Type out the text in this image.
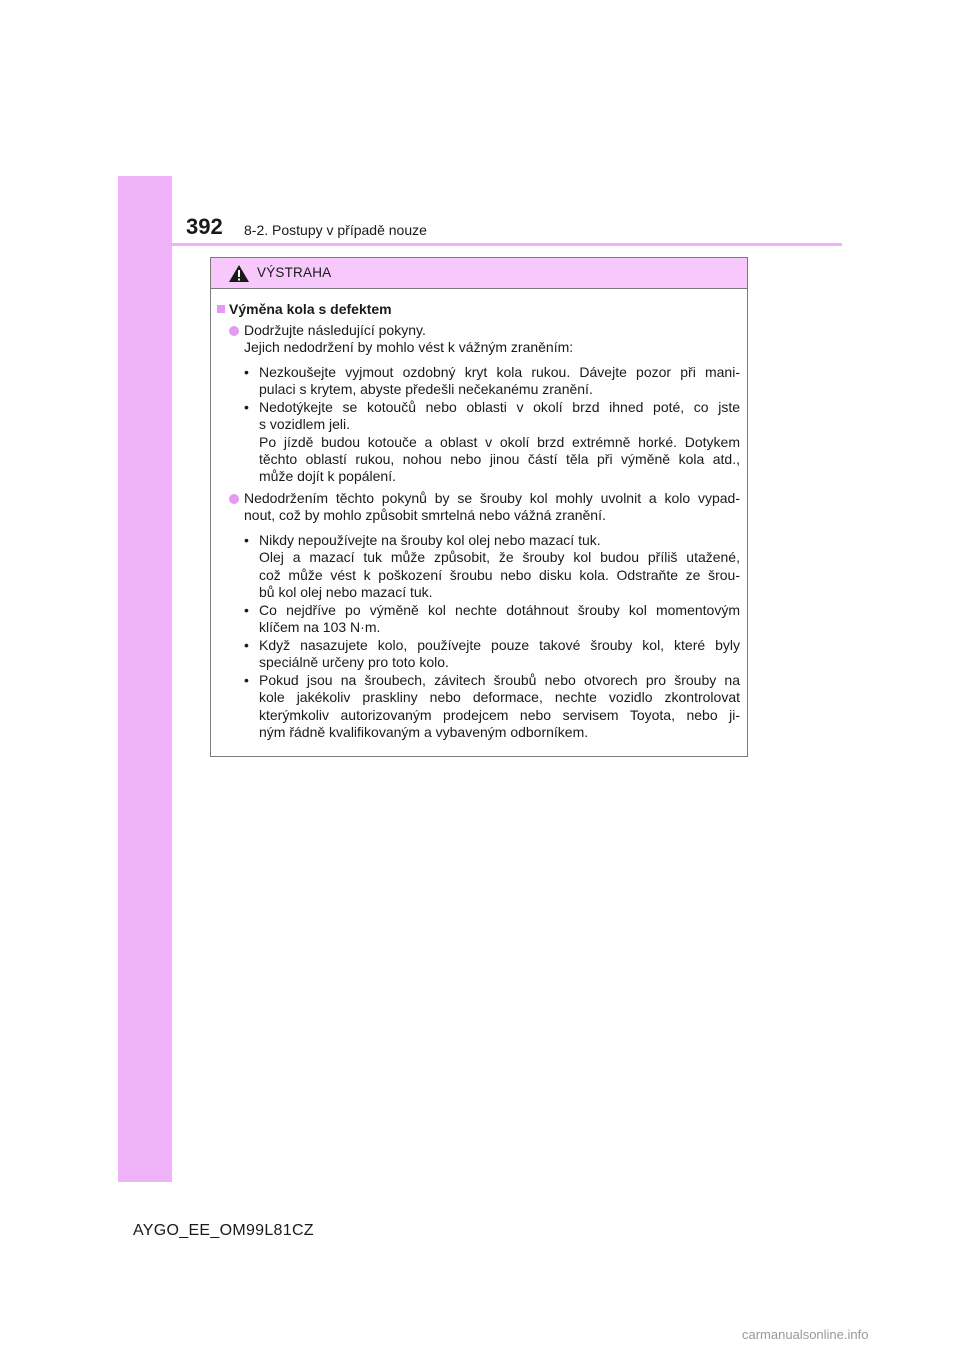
392 8-2. Postupy v případě nouze
VÝSTRAHA
Výměna kola s defektem
Dodržujte následující pokyny.
Jejich nedodržení by mohlo vést k vážným zraněním:
• Nezkoušejte vyjmout ozdobný kryt kola rukou. Dávejte pozor při mani-
pulaci s krytem, abyste předešli nečekanému zranění.
• Nedotýkejte se kotoučů nebo oblasti v okolí brzd ihned poté, co jste
s vozidlem jeli.
Po jízdě budou kotouče a oblast v okolí brzd extrémně horké. Dotykem
těchto oblastí rukou, nohou nebo jinou částí těla při výměně kola atd.,
může dojít k popálení.
Nedodržením těchto pokynů by se šrouby kol mohly uvolnit a kolo vypad-
nout, což by mohlo způsobit smrtelná nebo vážná zranění.
• Nikdy nepoužívejte na šrouby kol olej nebo mazací tuk.
Olej a mazací tuk může způsobit, že šrouby kol budou příliš utažené,
což může vést k poškození šroubu nebo disku kola. Odstraňte ze šrou-
bů kol olej nebo mazací tuk.
• Co nejdříve po výměně kol nechte dotáhnout šrouby kol momentovým
klíčem na 103 N·m.
• Když nasazujete kolo, používejte pouze takové šrouby kol, které byly
speciálně určeny pro toto kolo.
• Pokud jsou na šroubech, závitech šroubů nebo otvorech pro šrouby na
kole jakékoliv praskliny nebo deformace, nechte vozidlo zkontrolovat
kterýmkoliv autorizovaným prodejcem nebo servisem Toyota, nebo ji-
ným řádně kvalifikovaným a vybaveným odborníkem.
AYGO_EE_OM99L81CZ
carmanualsonline.info
